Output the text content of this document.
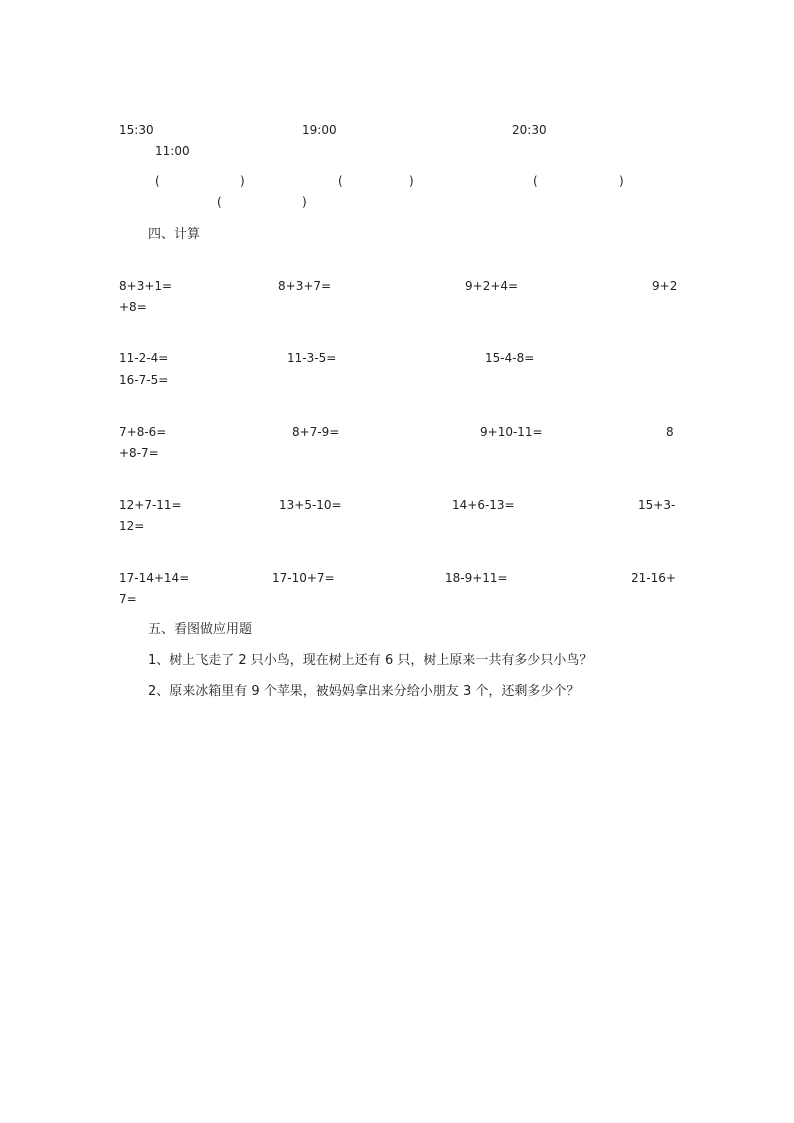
15:30	19:00	20:30
11:00
(	)	(	)	(	)
(	)
四、计算
8+3+1=	8+3+7=	9+2+4=	9+2
+8=
11-2-4=	11-3-5=	15-4-8=
16-7-5=
7+8-6=	8+7-9=	9+10-11=	8
+8-7=
12+7-11=	13+5-10=	14+6-13=	15+3-
12=
17-14+14=	17-10+7=	18-9+11=	21-16+
7=
五、看图做应用题
1、树上飞走了 2 只小鸟，现在树上还有 6 只，树上原来一共有多少只小鸟？
2、原来冰箱里有 9 个苹果，被妈妈拿出来分给小朋友 3 个，还剩多少个？
